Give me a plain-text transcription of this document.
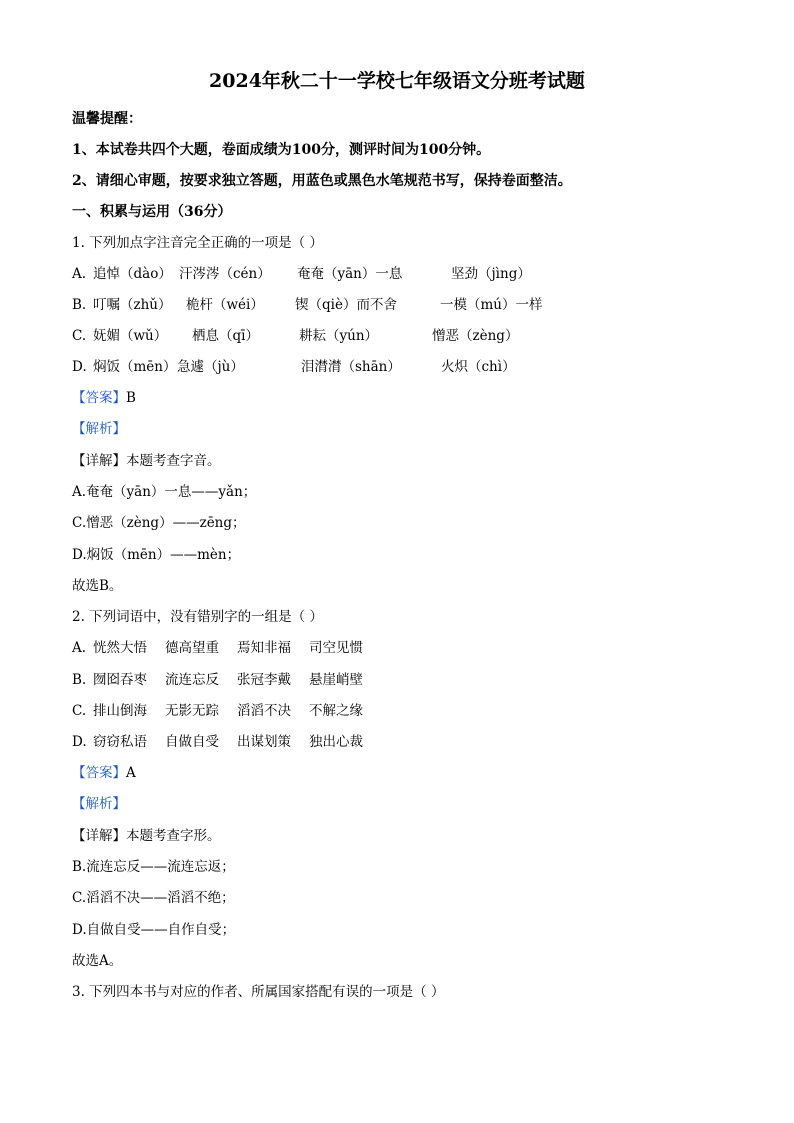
2024年秋二十一学校七年级语文分班考试题
温馨提醒：
1、本试卷共四个大题，卷面成绩为100分，测评时间为100分钟。
2、请细心审题，按要求独立答题，用蓝色或黑色水笔规范书写，保持卷面整洁。
一、积累与运用（36分）
1. 下列加点字注音完全正确的一项是（ ）
A. 追悼（dào） 汗涔涔（cén） 奄奄（yān）一息	坚劲（jìng）
B. 叮嘱（zhǔ） 桅杆（wéi） 锲（qiè）而不舍	一模（mú）一样
C. 妩媚（wǔ） 栖息（qī）	耕耘（yún）	憎恶（zèng）
D. 焖饭（mēn） 急遽（jù）	泪潸潸（shān）	火炽（chì）
【答案】B
【解析】
【详解】本题考查字音。
A.奄奄（yān）一息——yǎn；
C.憎恶（zèng）——zēng；
D.焖饭（mēn）——mèn；
故选B。
2. 下列词语中，没有错别字的一组是（ ）
A. 恍然大悟 德高望重 焉知非福 司空见惯
B. 囫囵吞枣 流连忘反 张冠李戴 悬崖峭壁
C. 排山倒海 无影无踪 滔滔不决 不解之缘
D. 窃窃私语 自做自受 出谋划策 独出心裁
【答案】A
【解析】
【详解】本题考查字形。
B.流连忘反——流连忘返；
C.滔滔不决——滔滔不绝；
D.自做自受——自作自受；
故选A。
3. 下列四本书与对应的作者、所属国家搭配有误的一项是（ ）
